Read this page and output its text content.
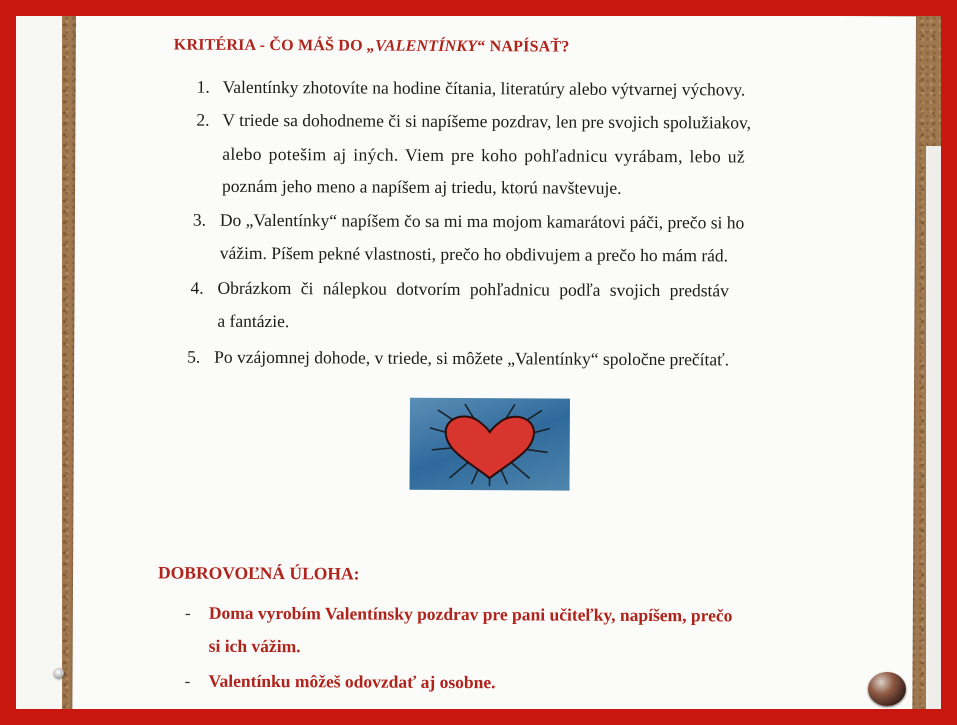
KRITÉRIA - ČO MÁŠ DO „VALENTÍNKY“ NAPÍSAŤ?
1. Valentínky zhotovíte na hodine čítania, literatúry alebo výtvarnej výchovy.
2. V triede sa dohodneme či si napíšeme pozdrav, len pre svojich spolužiakov,
alebo potešim aj iných. Viem pre koho pohľadnicu vyrábam, lebo už
poznám jeho meno a napíšem aj triedu, ktorú navštevuje.
3. Do „Valentínky“ napíšem čo sa mi ma mojom kamarátovi páči, prečo si ho
vážim. Píšem pekné vlastnosti, prečo ho obdivujem a prečo ho mám rád.
4. Obrázkom či nálepkou dotvorím pohľadnicu podľa svojich predstáv
a fantázie.
5. Po vzájomnej dohode, v triede, si môžete „Valentínky“ spoločne prečítať.
DOBROVOĽNÁ ÚLOHA:
- Doma vyrobím Valentínsky pozdrav pre pani učiteľky, napíšem, prečo
si ich vážim.
- Valentínku môžeš odovzdať aj osobne.
